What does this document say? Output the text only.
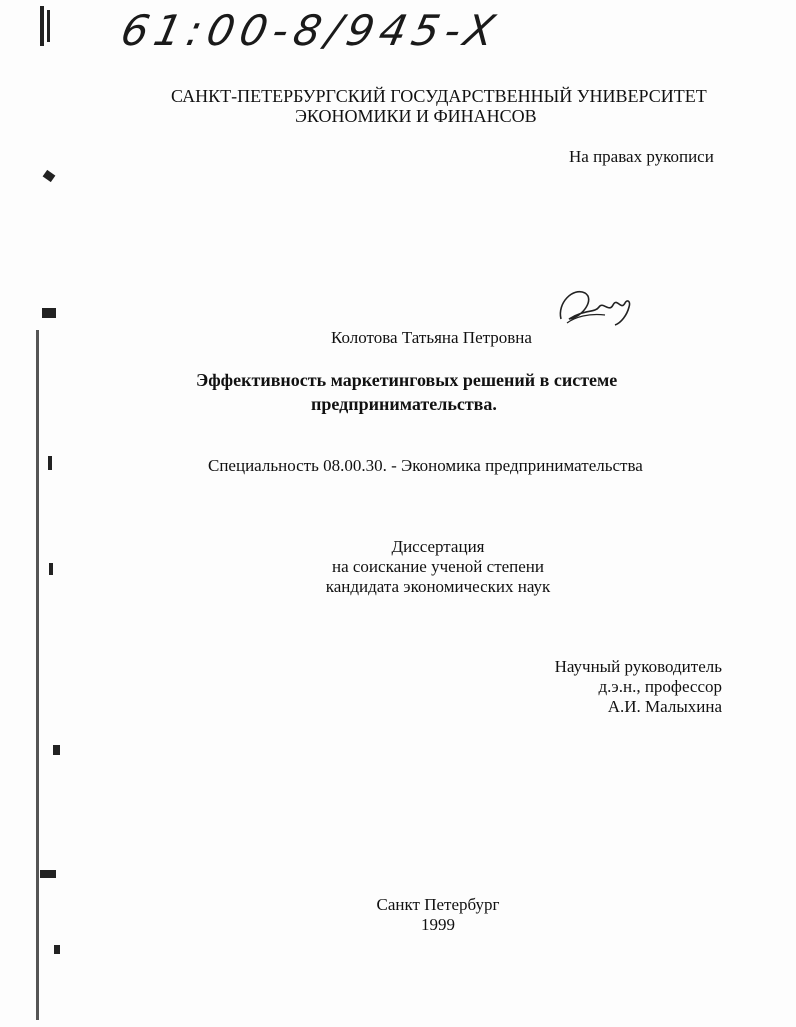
61:00-8/945-X
САНКТ-ПЕТЕРБУРГСКИЙ ГОСУДАРСТВЕННЫЙ УНИВЕРСИТЕТ
ЭКОНОМИКИ И ФИНАНСОВ
На правах рукописи
Колотова Татьяна Петровна
Эффективность маркетинговых решений в системе
предпринимательства.
Специальность 08.00.30. - Экономика предпринимательства
Диссертация
на соискание ученой степени
кандидата экономических наук
Научный руководитель
д.э.н., профессор
А.И. Малыхина
Санкт Петербург
1999
